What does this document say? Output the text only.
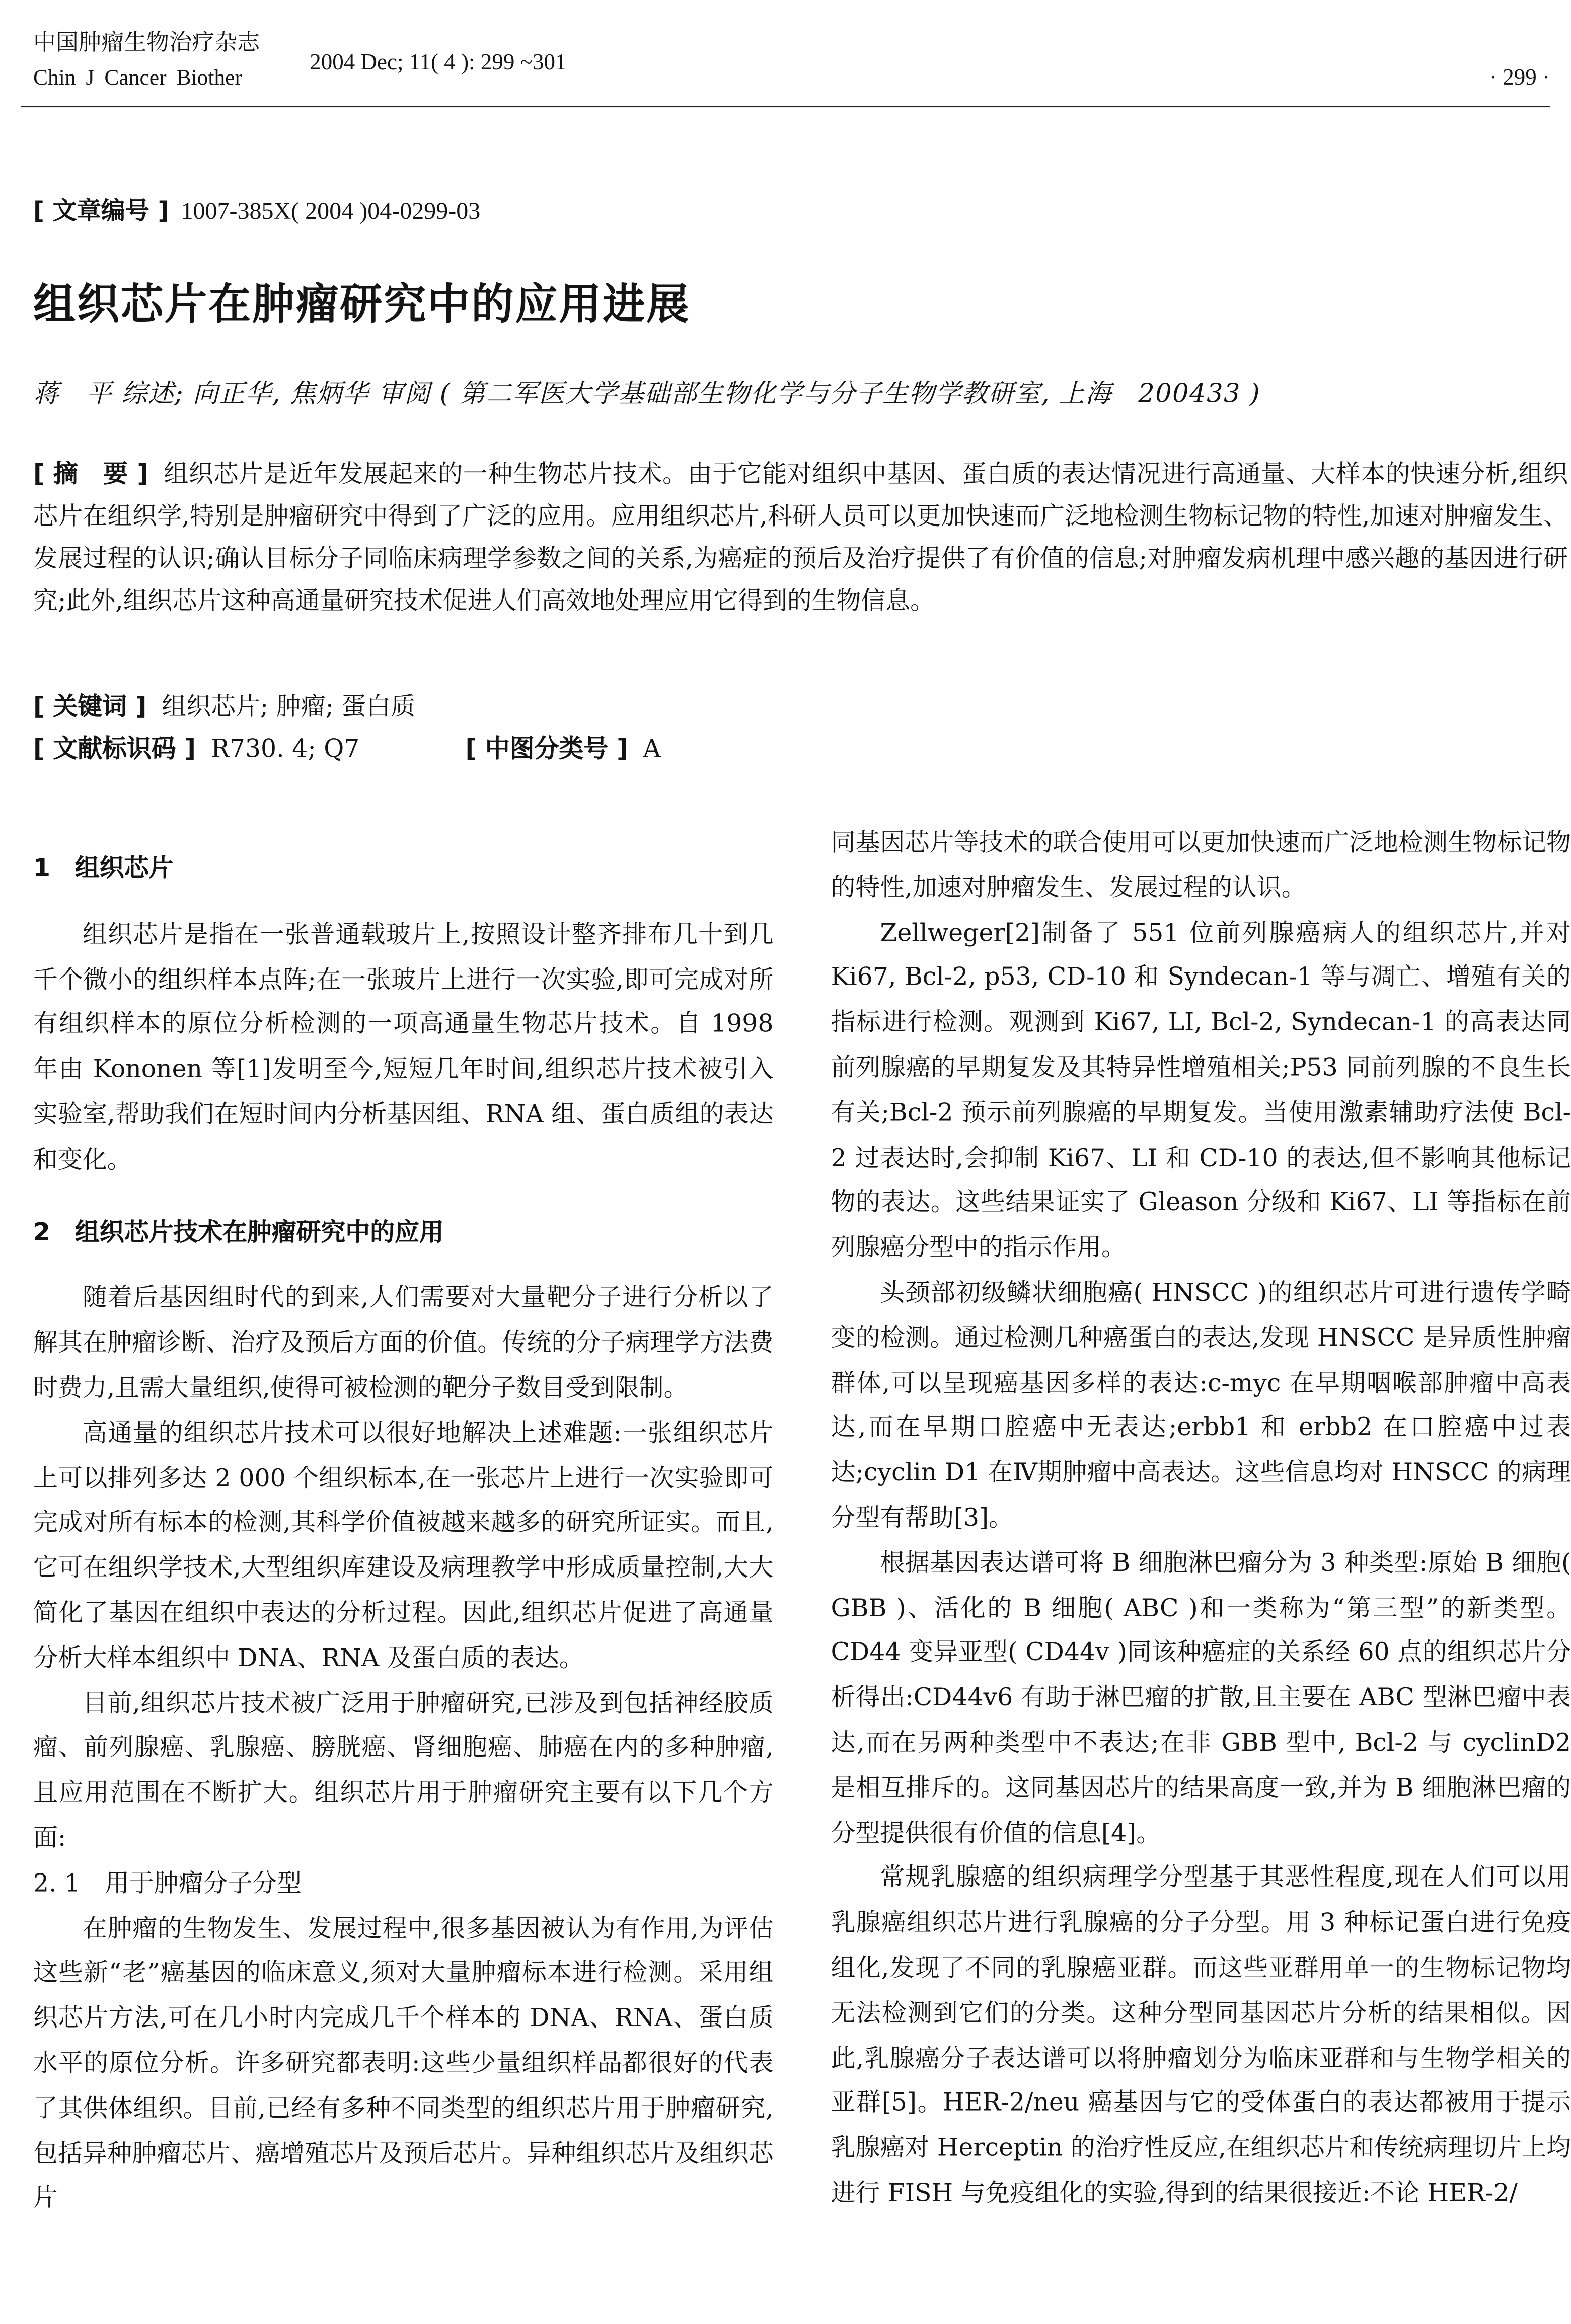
中国肿瘤生物治疗杂志
Chin J Cancer Biother
2004 Dec; 11( 4 ): 299 ~301
· 299 ·
[ 文章编号 ] 1007-385X( 2004 )04-0299-03
组织芯片在肿瘤研究中的应用进展
蒋　平 综述; 向正华, 焦炳华 审阅 ( 第二军医大学基础部生物化学与分子生物学教研室, 上海　200433 )
[ 摘　要 ] 组织芯片是近年发展起来的一种生物芯片技术。由于它能对组织中基因、蛋白质的表达情况进行高通量、大样本的快速分析,组织芯片在组织学,特别是肿瘤研究中得到了广泛的应用。应用组织芯片,科研人员可以更加快速而广泛地检测生物标记物的特性,加速对肿瘤发生、发展过程的认识;确认目标分子同临床病理学参数之间的关系,为癌症的预后及治疗提供了有价值的信息;对肿瘤发病机理中感兴趣的基因进行研究;此外,组织芯片这种高通量研究技术促进人们高效地处理应用它得到的生物信息。
[ 关键词 ] 组织芯片; 肿瘤; 蛋白质
[ 文献标识码 ] R730. 4; Q7	[ 中图分类号 ] A
1　组织芯片

组织芯片是指在一张普通载玻片上,按照设计整齐排布几十到几千个微小的组织样本点阵;在一张玻片上进行一次实验,即可完成对所有组织样本的原位分析检测的一项高通量生物芯片技术。自 1998 年由 Kononen 等[1]发明至今,短短几年时间,组织芯片技术被引入实验室,帮助我们在短时间内分析基因组、RNA 组、蛋白质组的表达和变化。

2　组织芯片技术在肿瘤研究中的应用

随着后基因组时代的到来,人们需要对大量靶分子进行分析以了解其在肿瘤诊断、治疗及预后方面的价值。传统的分子病理学方法费时费力,且需大量组织,使得可被检测的靶分子数目受到限制。

高通量的组织芯片技术可以很好地解决上述难题:一张组织芯片上可以排列多达 2 000 个组织标本,在一张芯片上进行一次实验即可完成对所有标本的检测,其科学价值被越来越多的研究所证实。而且,它可在组织学技术,大型组织库建设及病理教学中形成质量控制,大大简化了基因在组织中表达的分析过程。因此,组织芯片促进了高通量分析大样本组织中 DNA、RNA 及蛋白质的表达。

目前,组织芯片技术被广泛用于肿瘤研究,已涉及到包括神经胶质瘤、前列腺癌、乳腺癌、膀胱癌、肾细胞癌、肺癌在内的多种肿瘤,且应用范围在不断扩大。组织芯片用于肿瘤研究主要有以下几个方面:

2. 1　用于肿瘤分子分型

在肿瘤的生物发生、发展过程中,很多基因被认为有作用,为评估这些新“老”癌基因的临床意义,须对大量肿瘤标本进行检测。采用组织芯片方法,可在几小时内完成几千个样本的 DNA、RNA、蛋白质水平的原位分析。许多研究都表明:这些少量组织样品都很好的代表了其供体组织。目前,已经有多种不同类型的组织芯片用于肿瘤研究,包括异种肿瘤芯片、癌增殖芯片及预后芯片。异种组织芯片及组织芯片

同基因芯片等技术的联合使用可以更加快速而广泛地检测生物标记物的特性,加速对肿瘤发生、发展过程的认识。

Zellweger[2]制备了 551 位前列腺癌病人的组织芯片,并对 Ki67, Bcl-2, p53, CD-10 和 Syndecan-1 等与凋亡、增殖有关的指标进行检测。观测到 Ki67, LI, Bcl-2, Syndecan-1 的高表达同前列腺癌的早期复发及其特异性增殖相关;P53 同前列腺的不良生长有关;Bcl-2 预示前列腺癌的早期复发。当使用激素辅助疗法使 Bcl-2 过表达时,会抑制 Ki67、LI 和 CD-10 的表达,但不影响其他标记物的表达。这些结果证实了 Gleason 分级和 Ki67、LI 等指标在前列腺癌分型中的指示作用。

头颈部初级鳞状细胞癌( HNSCC )的组织芯片可进行遗传学畸变的检测。通过检测几种癌蛋白的表达,发现 HNSCC 是异质性肿瘤群体,可以呈现癌基因多样的表达:c-myc 在早期咽喉部肿瘤中高表达,而在早期口腔癌中无表达;erbb1 和 erbb2 在口腔癌中过表达;cyclin D1 在Ⅳ期肿瘤中高表达。这些信息均对 HNSCC 的病理分型有帮助[3]。

根据基因表达谱可将 B 细胞淋巴瘤分为 3 种类型:原始 B 细胞( GBB )、活化的 B 细胞( ABC )和一类称为“第三型”的新类型。CD44 变异亚型( CD44v )同该种癌症的关系经 60 点的组织芯片分析得出:CD44v6 有助于淋巴瘤的扩散,且主要在 ABC 型淋巴瘤中表达,而在另两种类型中不表达;在非 GBB 型中, Bcl-2 与 cyclinD2 是相互排斥的。这同基因芯片的结果高度一致,并为 B 细胞淋巴瘤的分型提供很有价值的信息[4]。

常规乳腺癌的组织病理学分型基于其恶性程度,现在人们可以用乳腺癌组织芯片进行乳腺癌的分子分型。用 3 种标记蛋白进行免疫组化,发现了不同的乳腺癌亚群。而这些亚群用单一的生物标记物均无法检测到它们的分类。这种分型同基因芯片分析的结果相似。因此,乳腺癌分子表达谱可以将肿瘤划分为临床亚群和与生物学相关的亚群[5]。HER-2/neu 癌基因与它的受体蛋白的表达都被用于提示乳腺癌对 Herceptin 的治疗性反应,在组织芯片和传统病理切片上均进行 FISH 与免疫组化的实验,得到的结果很接近:不论 HER-2/
